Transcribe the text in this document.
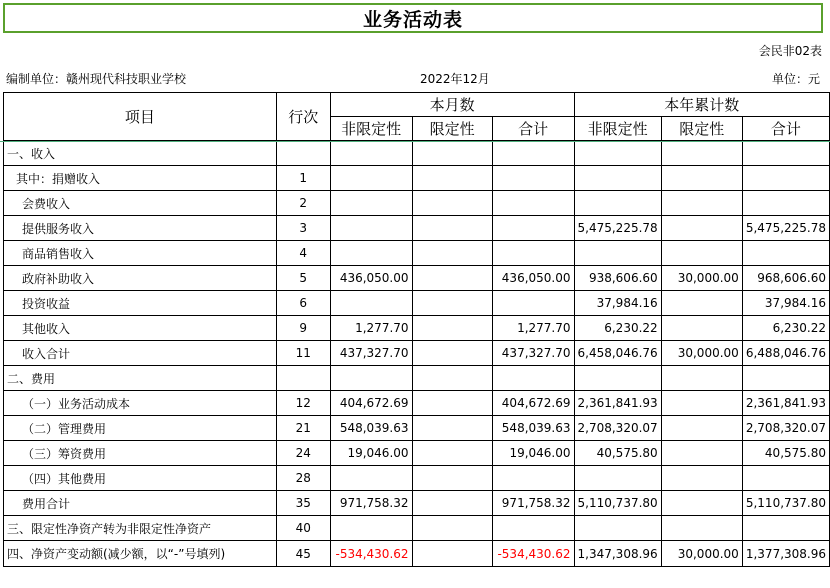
业务活动表
会民非02表
编制单位：赣州现代科技职业学校	2022年12月	单位：元
项目	行次	本月数			本年累计数		
		非限定性	限定性	合计	非限定性	限定性	合计
一、收入							
其中：捐赠收入	1						
会费收入	2						
提供服务收入	3				5,475,225.78		5,475,225.78
商品销售收入	4						
政府补助收入	5	436,050.00		436,050.00	938,606.60	30,000.00	968,606.60
投资收益	6				37,984.16		37,984.16
其他收入	9	1,277.70		1,277.70	6,230.22		6,230.22
收入合计	11	437,327.70		437,327.70	6,458,046.76	30,000.00	6,488,046.76
二、费用							
（一）业务活动成本	12	404,672.69		404,672.69	2,361,841.93		2,361,841.93
（二）管理费用	21	548,039.63		548,039.63	2,708,320.07		2,708,320.07
（三）筹资费用	24	19,046.00		19,046.00	40,575.80		40,575.80
（四）其他费用	28						
费用合计	35	971,758.32		971,758.32	5,110,737.80		5,110,737.80
三、限定性净资产转为非限定性净资产	40						
四、净资产变动额(减少额，以“-”号填列)	45	-534,430.62		-534,430.62	1,347,308.96	30,000.00	1,377,308.96
